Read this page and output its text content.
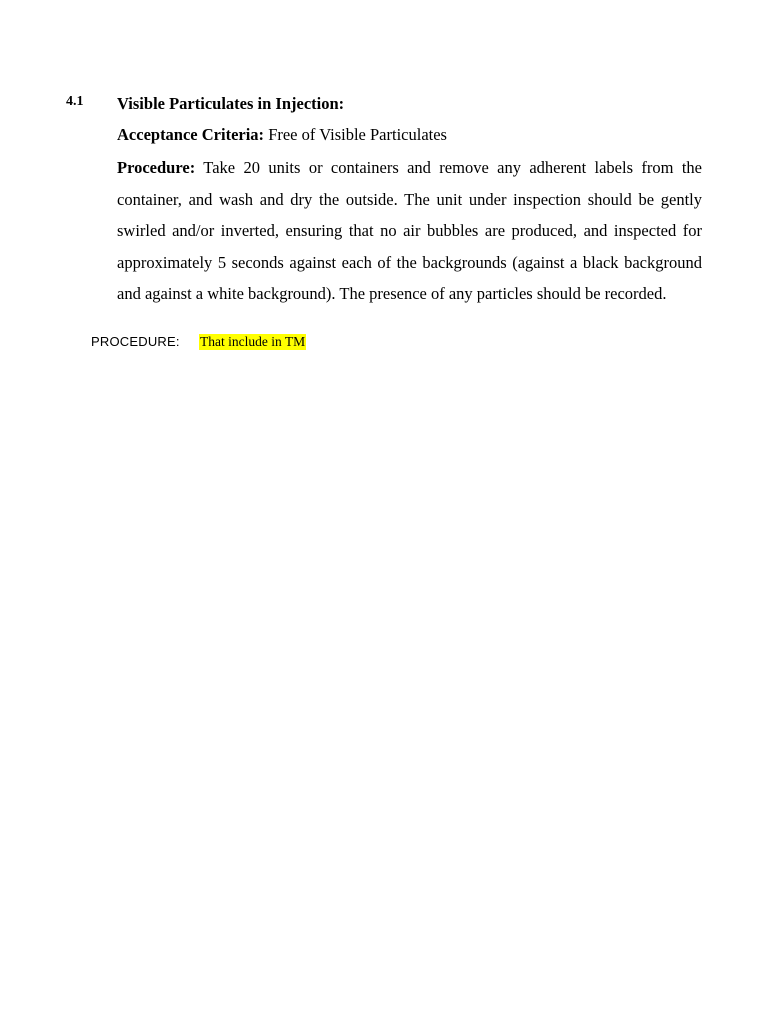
4.1 Visible Particulates in Injection:
Acceptance Criteria: Free of Visible Particulates
Procedure: Take 20 units or containers and remove any adherent labels from the container, and wash and dry the outside. The unit under inspection should be gently swirled and/or inverted, ensuring that no air bubbles are produced, and inspected for approximately 5 seconds against each of the backgrounds (against a black background and against a white background). The presence of any particles should be recorded.
PROCEDURE: That include in TM
